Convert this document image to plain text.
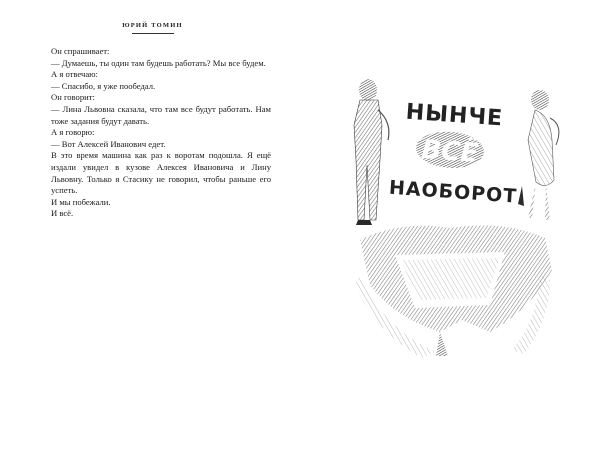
ЮРИЙ ТОМИН

Он спрашивает:

— Думаешь, ты один там будешь работать? Мы все будем.

А я отвечаю:

— Спасибо, я уже пообедал.

Он говорит:

— Лина Львовна сказала, что там все будут работать. Нам тоже задания будут давать.

А я говорю:

— Вот Алексей Иванович едет.

В это время машина как раз к воротам подошла. Я ещё издали увидел в кузове Алексея Ивановича и Лину Львовну. Только я Стасику не говорил, чтобы раньше его успеть.

И мы побежали.

И всё.

НЫНЧЕ
ВСЁ
НАОБОРОТ
